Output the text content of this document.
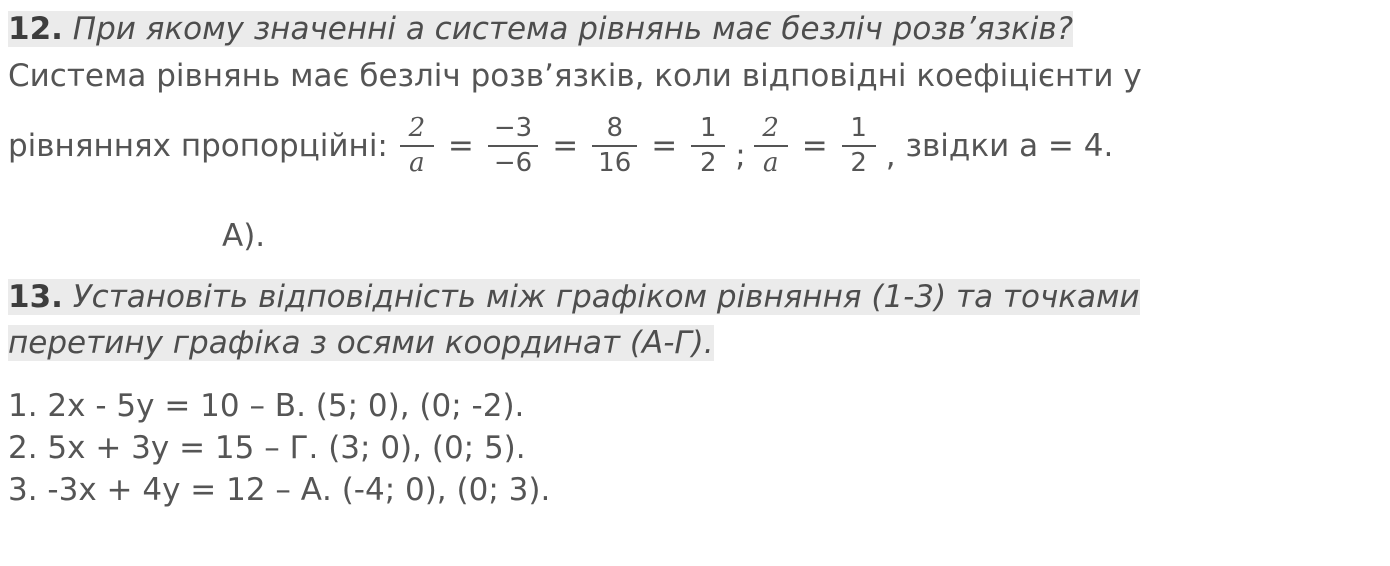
12. При якому значенні а система рівнянь має безліч розв’язків?
Система рівнянь має безліч розв’язків, коли відповідні коефіцієнти у
рівняннях пропорційні: $\frac{2}{a} = \frac{-3}{-6} = \frac{8}{16} = \frac{1}{2}$ ; $\frac{2}{a} = \frac{1}{2}$ , звідки а = 4.
А).
13. Установіть відповідність між графіком рівняння (1-3) та точками
перетину графіка з осями координат (А-Г).
1. 2х - 5у = 10 – В. (5; 0), (0; -2).
2. 5х + 3у = 15 – Г. (3; 0), (0; 5).
3. -3х + 4у = 12 – А. (-4; 0), (0; 3).
